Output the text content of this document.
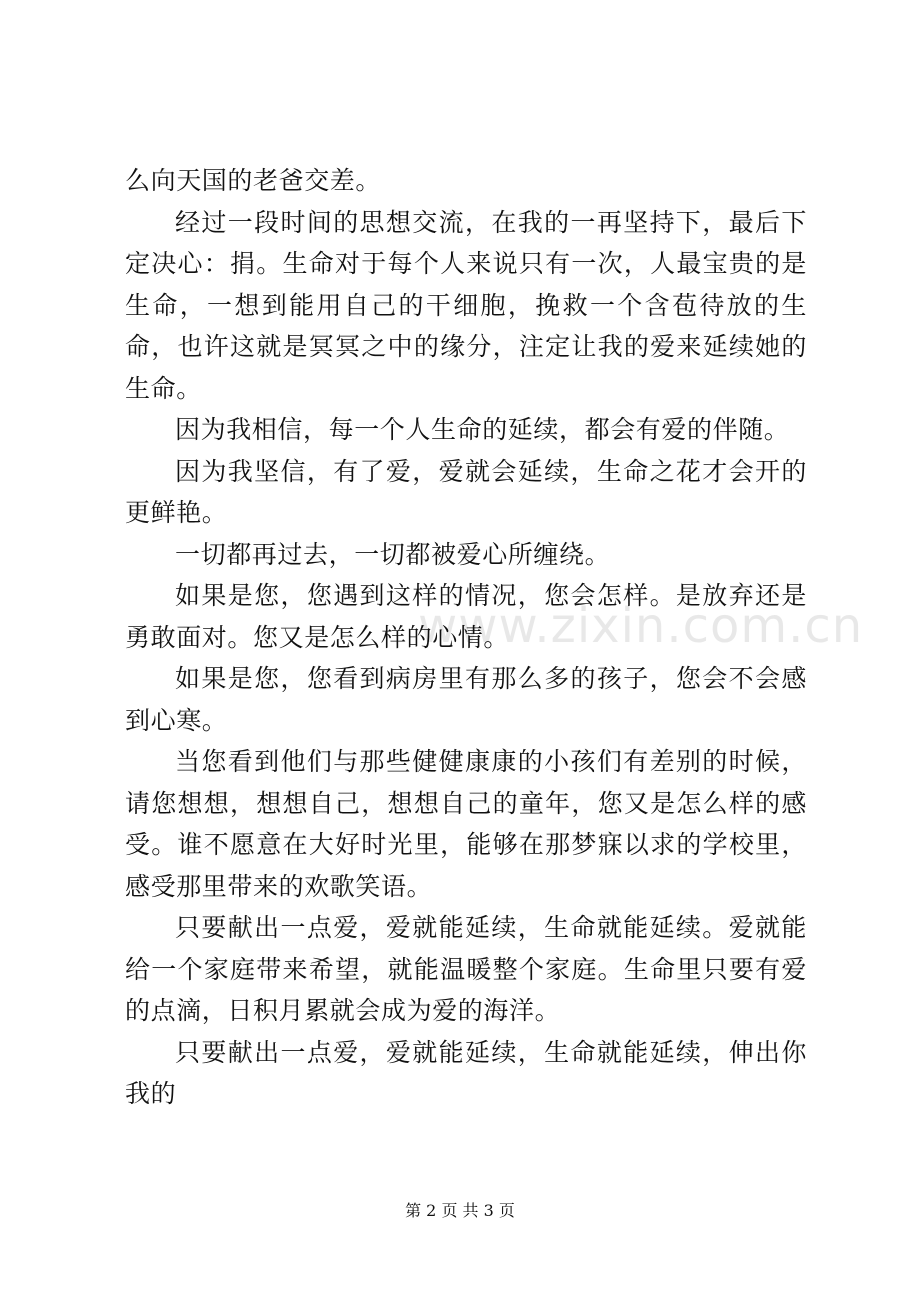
么向天国的老爸交差。

经过一段时间的思想交流，在我的一再坚持下，最后下定决心：捐。生命对于每个人来说只有一次，人最宝贵的是生命，一想到能用自己的干细胞，挽救一个含苞待放的生命，也许这就是冥冥之中的缘分，注定让我的爱来延续她的生命。

因为我相信，每一个人生命的延续，都会有爱的伴随。

因为我坚信，有了爱，爱就会延续，生命之花才会开的更鲜艳。

一切都再过去，一切都被爱心所缠绕。

如果是您，您遇到这样的情况，您会怎样。是放弃还是勇敢面对。您又是怎么样的心情。

如果是您，您看到病房里有那么多的孩子，您会不会感到心寒。

当您看到他们与那些健健康康的小孩们有差别的时候，请您想想，想想自己，想想自己的童年，您又是怎么样的感受。谁不愿意在大好时光里，能够在那梦寐以求的学校里，感受那里带来的欢歌笑语。

只要献出一点爱，爱就能延续，生命就能延续。爱就能给一个家庭带来希望，就能温暖整个家庭。生命里只要有爱的点滴，日积月累就会成为爱的海洋。

只要献出一点爱，爱就能延续，生命就能延续，伸出你我的

www.zixin.com.cn
第 2 页 共 3 页
